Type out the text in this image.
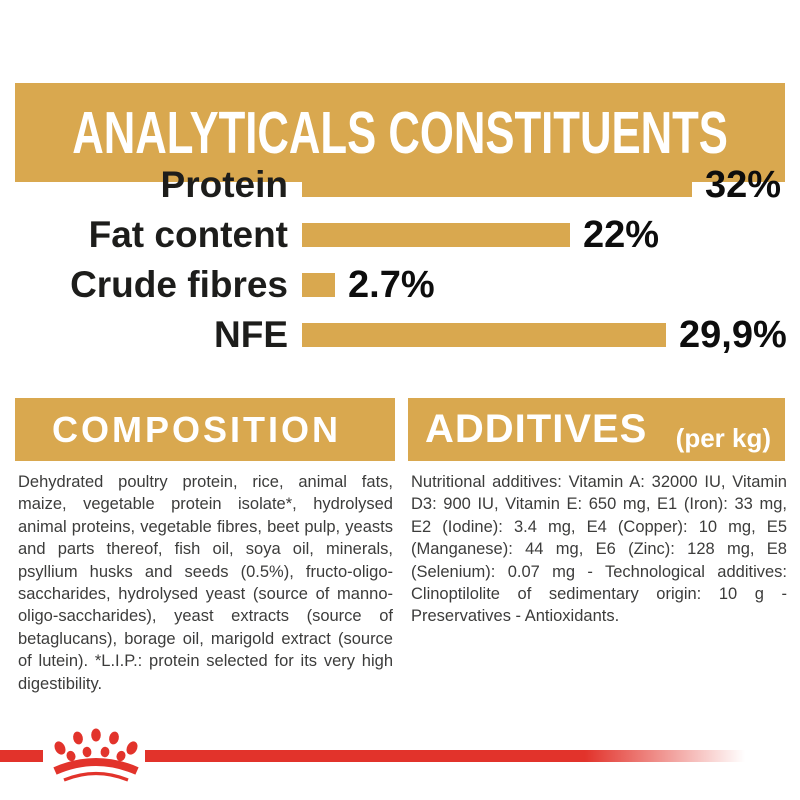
ANALYTICALS CONSTITUENTS
Protein	32%
Fat content	22%
Crude fibres	2.7%
NFE	29,9%
COMPOSITION
Dehydrated poultry protein, rice, animal fats, maize, vegetable protein isolate*, hydrolysed animal proteins, vegetable fibres, beet pulp, yeasts and parts thereof, fish oil, soya oil, minerals, psyllium husks and seeds (0.5%), fructo-oligo-saccharides, hydrolysed yeast (source of manno-oligo-saccharides), yeast extracts (source of betaglucans), borage oil, marigold extract (source of lutein). *L.I.P.: protein selected for its very high digestibility.
ADDITIVES (per kg)
Nutritional additives: Vitamin A: 32000 IU, Vitamin D3: 900 IU, Vitamin E: 650 mg, E1 (Iron): 33 mg, E2 (Iodine): 3.4 mg, E4 (Copper): 10 mg, E5 (Manganese): 44 mg, E6 (Zinc): 128 mg, E8 (Selenium): 0.07 mg - Technological additives: Clinoptilolite of sedimentary origin: 10 g - Preservatives - Antioxidants.
